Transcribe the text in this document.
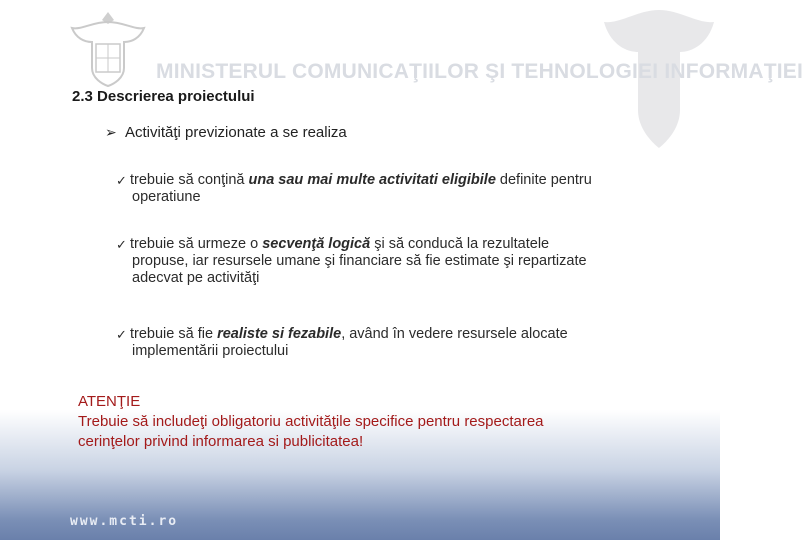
MINISTERUL COMUNICAŢIILOR ŞI TEHNOLOGIEI INFORMAŢIEI
2.3 Descrierea proiectului
➢ Activităţi previzionate a se realiza
✓ trebuie să conţină una sau mai multe activitati eligibile definite pentru
operatiune
✓ trebuie să urmeze o secvenţă logică şi să conducă la rezultatele
propuse, iar resursele umane şi financiare să fie estimate şi repartizate
adecvat pe activităţi
✓ trebuie să fie realiste si fezabile, având în vedere resursele alocate
implementării proiectului
ATENŢIE
Trebuie să includeţi obligatoriu activităţile specifice pentru respectarea
cerinţelor privind informarea si publicitatea!
www.mcti.ro
